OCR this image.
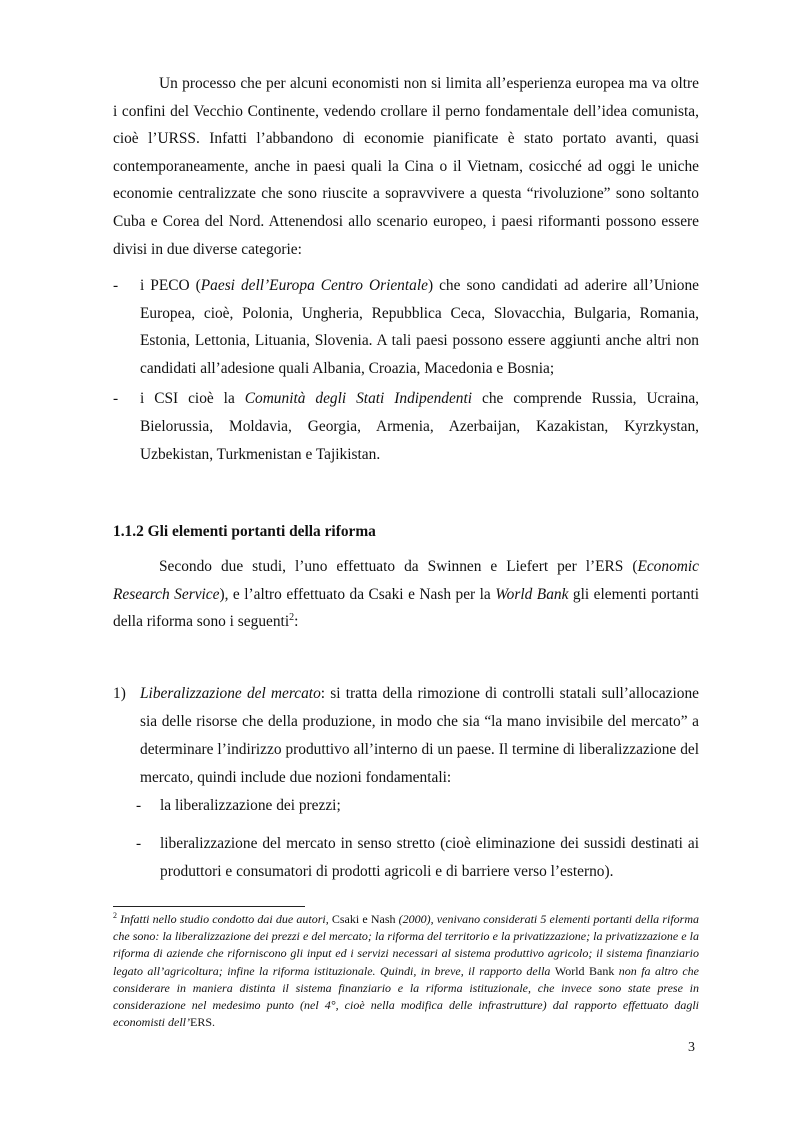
Un processo che per alcuni economisti non si limita all’esperienza europea ma va oltre i confini del Vecchio Continente, vedendo crollare il perno fondamentale dell’idea comunista, cioè l’URSS. Infatti l’abbandono di economie pianificate è stato portato avanti, quasi contemporaneamente, anche in paesi quali la Cina o il Vietnam, cosicché ad oggi le uniche economie centralizzate che sono riuscite a sopravvivere a questa “rivoluzione” sono soltanto Cuba e Corea del Nord. Attenendosi allo scenario europeo, i paesi riformanti possono essere divisi in due diverse categorie:

- i PECO (Paesi dell’Europa Centro Orientale) che sono candidati ad aderire all’Unione Europea, cioè, Polonia, Ungheria, Repubblica Ceca, Slovacchia, Bulgaria, Romania, Estonia, Lettonia, Lituania, Slovenia. A tali paesi possono essere aggiunti anche altri non candidati all’adesione quali Albania, Croazia, Macedonia e Bosnia;

- i CSI cioè la Comunità degli Stati Indipendenti che comprende Russia, Ucraina, Bielorussia, Moldavia, Georgia, Armenia, Azerbaijan, Kazakistan, Kyrzkystan, Uzbekistan, Turkmenistan e Tajikistan.

1.1.2 Gli elementi portanti della riforma

Secondo due studi, l’uno effettuato da Swinnen e Liefert per l’ERS (Economic Research Service), e l’altro effettuato da Csaki e Nash per la World Bank gli elementi portanti della riforma sono i seguenti$^2$:

1) Liberalizzazione del mercato: si tratta della rimozione di controlli statali sull’allocazione sia delle risorse che della produzione, in modo che sia “la mano invisibile del mercato” a determinare l’indirizzo produttivo all’interno di un paese. Il termine di liberalizzazione del mercato, quindi include due nozioni fondamentali:

- la liberalizzazione dei prezzi;

- liberalizzazione del mercato in senso stretto (cioè eliminazione dei sussidi destinati ai produttori e consumatori di prodotti agricoli e di barriere verso l’esterno).

$^2$ Infatti nello studio condotto dai due autori, Csaki e Nash (2000), venivano considerati 5 elementi portanti della riforma che sono: la liberalizzazione dei prezzi e del mercato; la riforma del territorio e la privatizzazione; la privatizzazione e la riforma di aziende che riforniscono gli input ed i servizi necessari al sistema produttivo agricolo; il sistema finanziario legato all’agricoltura; infine la riforma istituzionale. Quindi, in breve, il rapporto della World Bank non fa altro che considerare in maniera distinta il sistema finanziario e la riforma istituzionale, che invece sono state prese in considerazione nel medesimo punto (nel 4°, cioè nella modifica delle infrastrutture) dal rapporto effettuato dagli economisti dell’ERS.
3
